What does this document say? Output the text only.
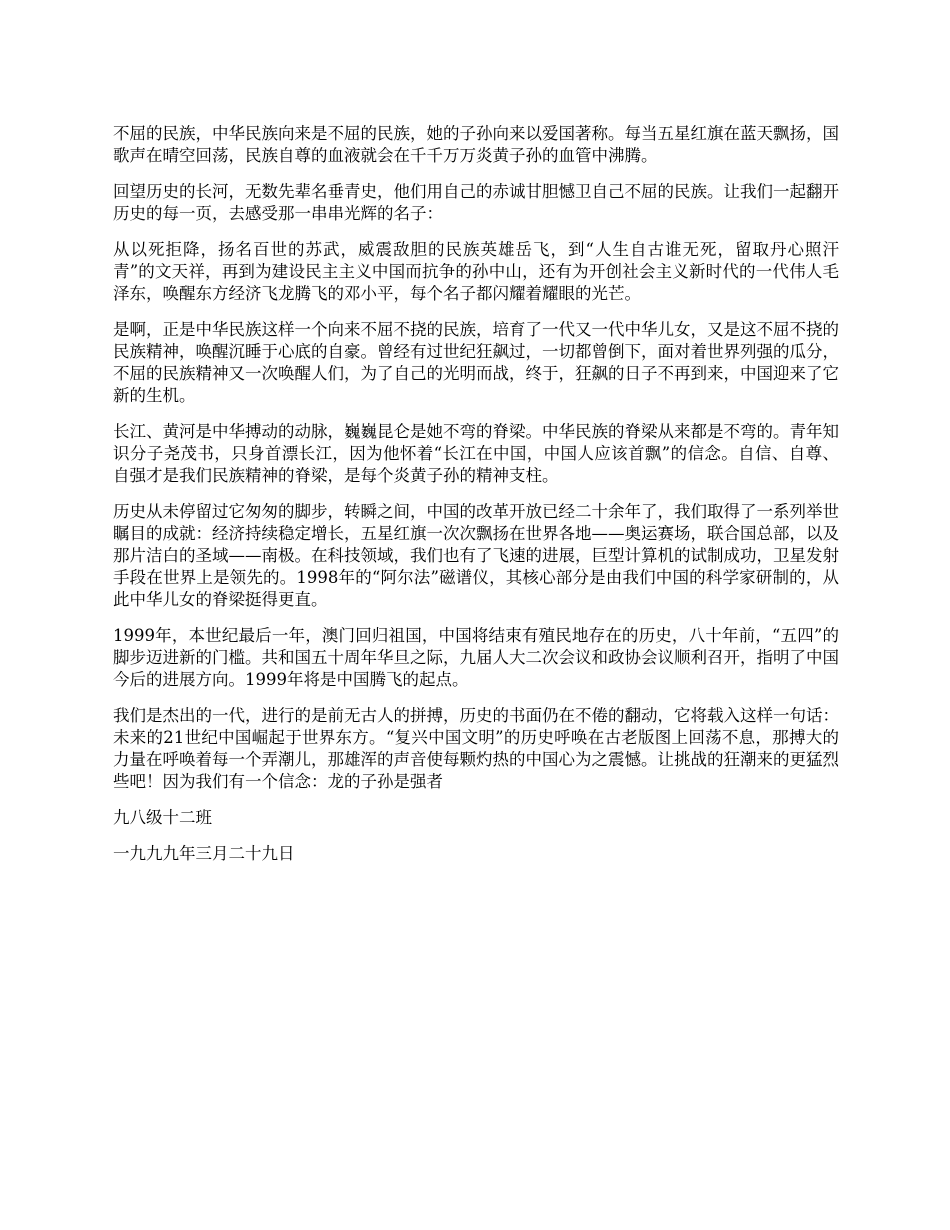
不屈的民族，中华民族向来是不屈的民族，她的子孙向来以爱国著称。每当五星红旗在蓝天飘扬，国歌声在晴空回荡，民族自尊的血液就会在千千万万炎黄子孙的血管中沸腾。

回望历史的长河，无数先辈名垂青史，他们用自己的赤诚甘胆憾卫自己不屈的民族。让我们一起翻开历史的每一页，去感受那一串串光辉的名子：

从以死拒降，扬名百世的苏武，威震敌胆的民族英雄岳飞，到“人生自古谁无死，留取丹心照汗青”的文天祥，再到为建设民主主义中国而抗争的孙中山，还有为开创社会主义新时代的一代伟人毛泽东，唤醒东方经济飞龙腾飞的邓小平，每个名子都闪耀着耀眼的光芒。

是啊，正是中华民族这样一个向来不屈不挠的民族，培育了一代又一代中华儿女，又是这不屈不挠的民族精神，唤醒沉睡于心底的自豪。曾经有过世纪狂飙过，一切都曾倒下，面对着世界列强的瓜分，不屈的民族精神又一次唤醒人们，为了自己的光明而战，终于，狂飙的日子不再到来，中国迎来了它新的生机。

长江、黄河是中华搏动的动脉，巍巍昆仑是她不弯的脊梁。中华民族的脊梁从来都是不弯的。青年知识分子尧茂书，只身首漂长江，因为他怀着“长江在中国，中国人应该首飘”的信念。自信、自尊、自强才是我们民族精神的脊梁，是每个炎黄子孙的精神支柱。

历史从未停留过它匆匆的脚步，转瞬之间，中国的改革开放已经二十余年了，我们取得了一系列举世瞩目的成就：经济持续稳定增长，五星红旗一次次飘扬在世界各地——奥运赛场，联合国总部，以及那片洁白的圣域——南极。在科技领域，我们也有了飞速的进展，巨型计算机的试制成功，卫星发射手段在世界上是领先的。1998年的“阿尔法”磁谱仪，其核心部分是由我们中国的科学家研制的，从此中华儿女的脊梁挺得更直。

1999年，本世纪最后一年，澳门回归祖国，中国将结束有殖民地存在的历史，八十年前，“五四”的脚步迈进新的门槛。共和国五十周年华旦之际，九届人大二次会议和政协会议顺利召开，指明了中国今后的进展方向。1999年将是中国腾飞的起点。

我们是杰出的一代，进行的是前无古人的拼搏，历史的书面仍在不倦的翻动，它将载入这样一句话：未来的21世纪中国崛起于世界东方。“复兴中国文明”的历史呼唤在古老版图上回荡不息，那搏大的力量在呼唤着每一个弄潮儿，那雄浑的声音使每颗灼热的中国心为之震憾。让挑战的狂潮来的更猛烈些吧！因为我们有一个信念：龙的子孙是强者

九八级十二班

一九九九年三月二十九日
